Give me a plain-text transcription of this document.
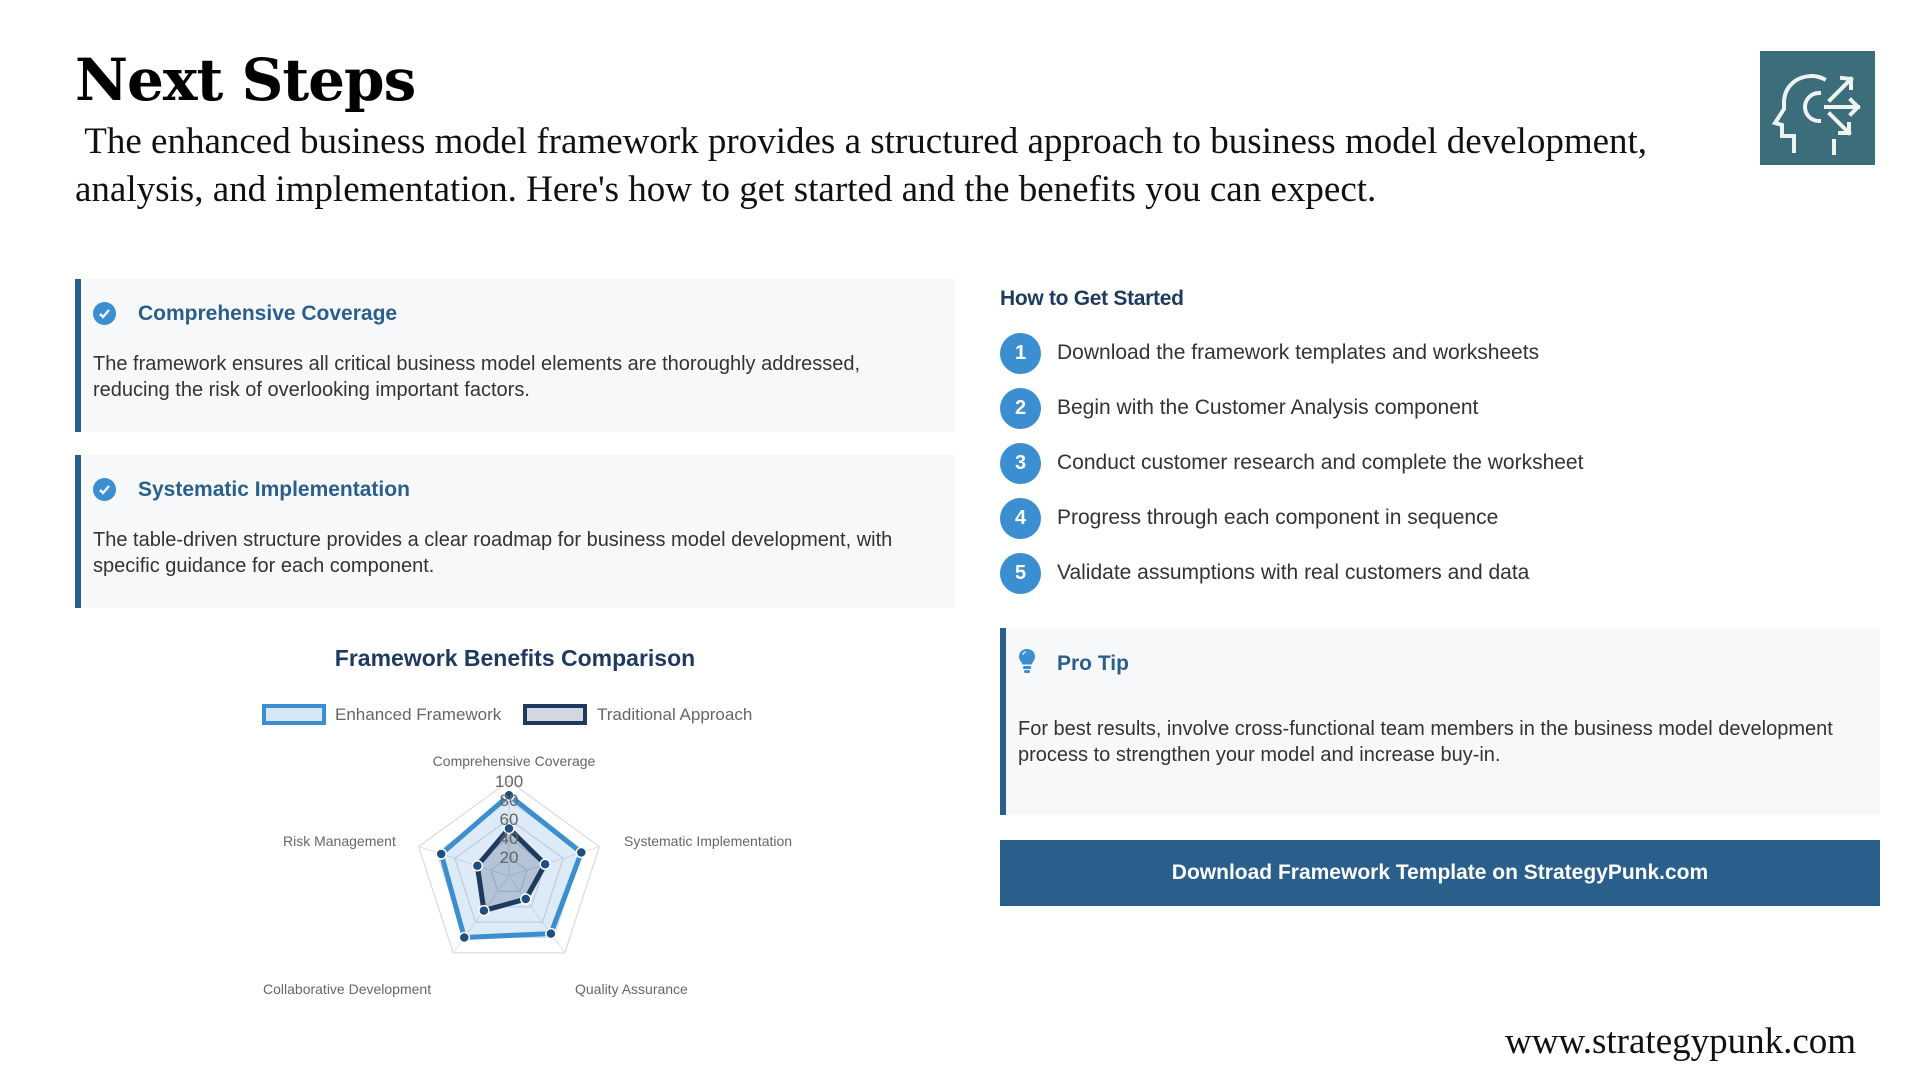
Next Steps
The enhanced business model framework provides a structured approach to business model development, analysis, and implementation. Here's how to get started and the benefits you can expect.
Comprehensive Coverage
The framework ensures all critical business model elements are thoroughly addressed, reducing the risk of overlooking important factors.
Systematic Implementation
The table-driven structure provides a clear roadmap for business model development, with specific guidance for each component.
Framework Benefits Comparison
Enhanced Framework	Traditional Approach
20
40
60
80
100
Comprehensive Coverage
Systematic Implementation
Quality Assurance
Collaborative Development
Risk Management
How to Get Started
1	Download the framework templates and worksheets
2	Begin with the Customer Analysis component
3	Conduct customer research and complete the worksheet
4	Progress through each component in sequence
5	Validate assumptions with real customers and data
Pro Tip
For best results, involve cross-functional team members in the business model development process to strengthen your model and increase buy-in.
Download Framework Template on StrategyPunk.com
www.strategypunk.com
